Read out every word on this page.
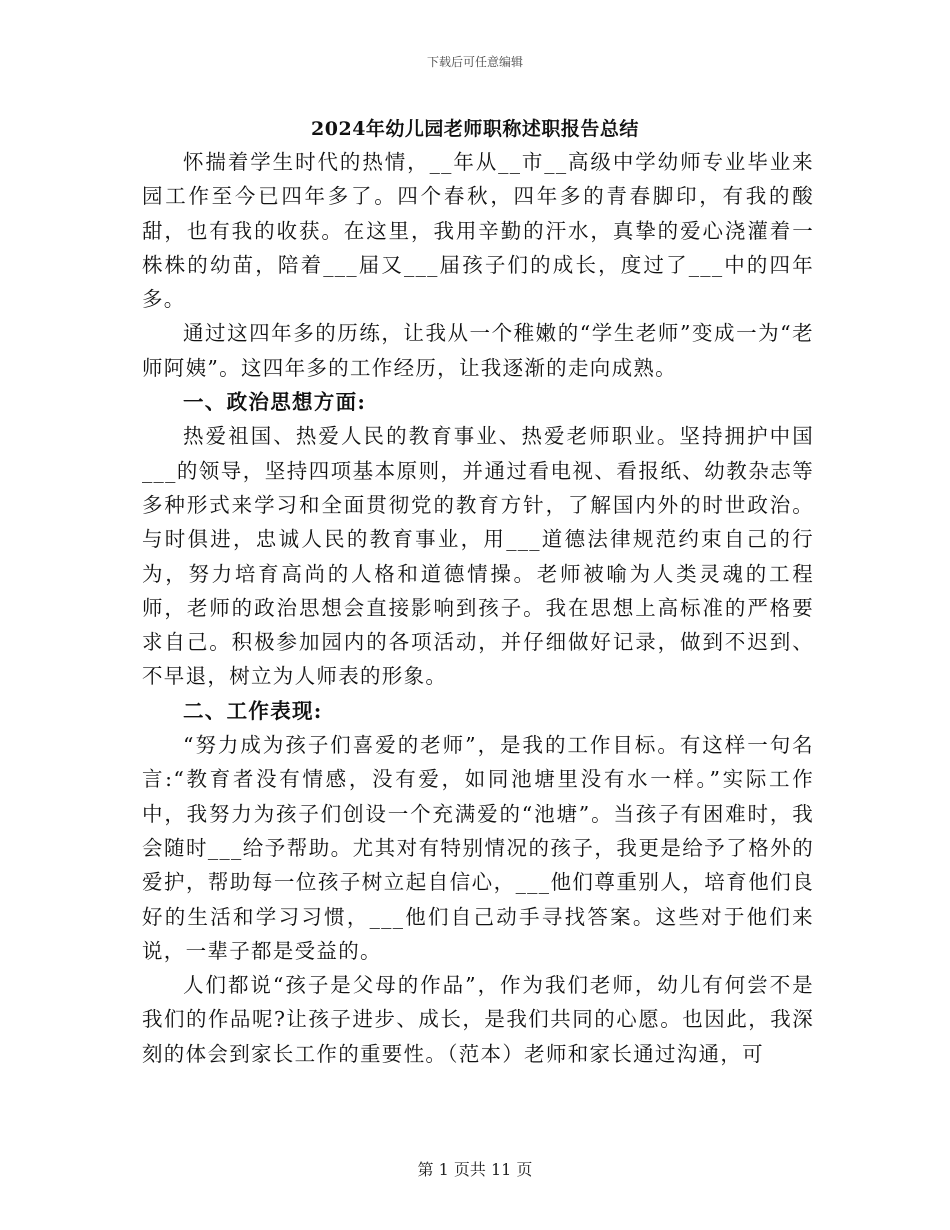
下载后可任意编辑
2024年幼儿园老师职称述职报告总结

怀揣着学生时代的热情，__年从__市__高级中学幼师专业毕业来园工作至今已四年多了。四个春秋，四年多的青春脚印，有我的酸甜，也有我的收获。在这里，我用辛勤的汗水，真挚的爱心浇灌着一株株的幼苗，陪着___届又___届孩子们的成长，度过了___中的四年多。

通过这四年多的历练，让我从一个稚嫩的“学生老师”变成一为“老师阿姨”。这四年多的工作经历，让我逐渐的走向成熟。

一、政治思想方面:

热爱祖国、热爱人民的教育事业、热爱老师职业。坚持拥护中国___的领导，坚持四项基本原则，并通过看电视、看报纸、幼教杂志等多种形式来学习和全面贯彻党的教育方针，了解国内外的时世政治。与时俱进，忠诚人民的教育事业，用___道德法律规范约束自己的行为，努力培育高尚的人格和道德情操。老师被喻为人类灵魂的工程师，老师的政治思想会直接影响到孩子。我在思想上高标准的严格要求自己。积极参加园内的各项活动，并仔细做好记录，做到不迟到、不早退，树立为人师表的形象。

二、工作表现:

“努力成为孩子们喜爱的老师”，是我的工作目标。有这样一句名言:“教育者没有情感，没有爱，如同池塘里没有水一样。”实际工作中，我努力为孩子们创设一个充满爱的“池塘”。当孩子有困难时，我会随时___给予帮助。尤其对有特别情况的孩子，我更是给予了格外的爱护，帮助每一位孩子树立起自信心，___他们尊重别人，培育他们良好的生活和学习习惯，___他们自己动手寻找答案。这些对于他们来说，一辈子都是受益的。

人们都说“孩子是父母的作品”，作为我们老师，幼儿有何尝不是我们的作品呢?让孩子进步、成长，是我们共同的心愿。也因此，我深刻的体会到家长工作的重要性。（范本）老师和家长通过沟通，可

第 1 页共 11 页
